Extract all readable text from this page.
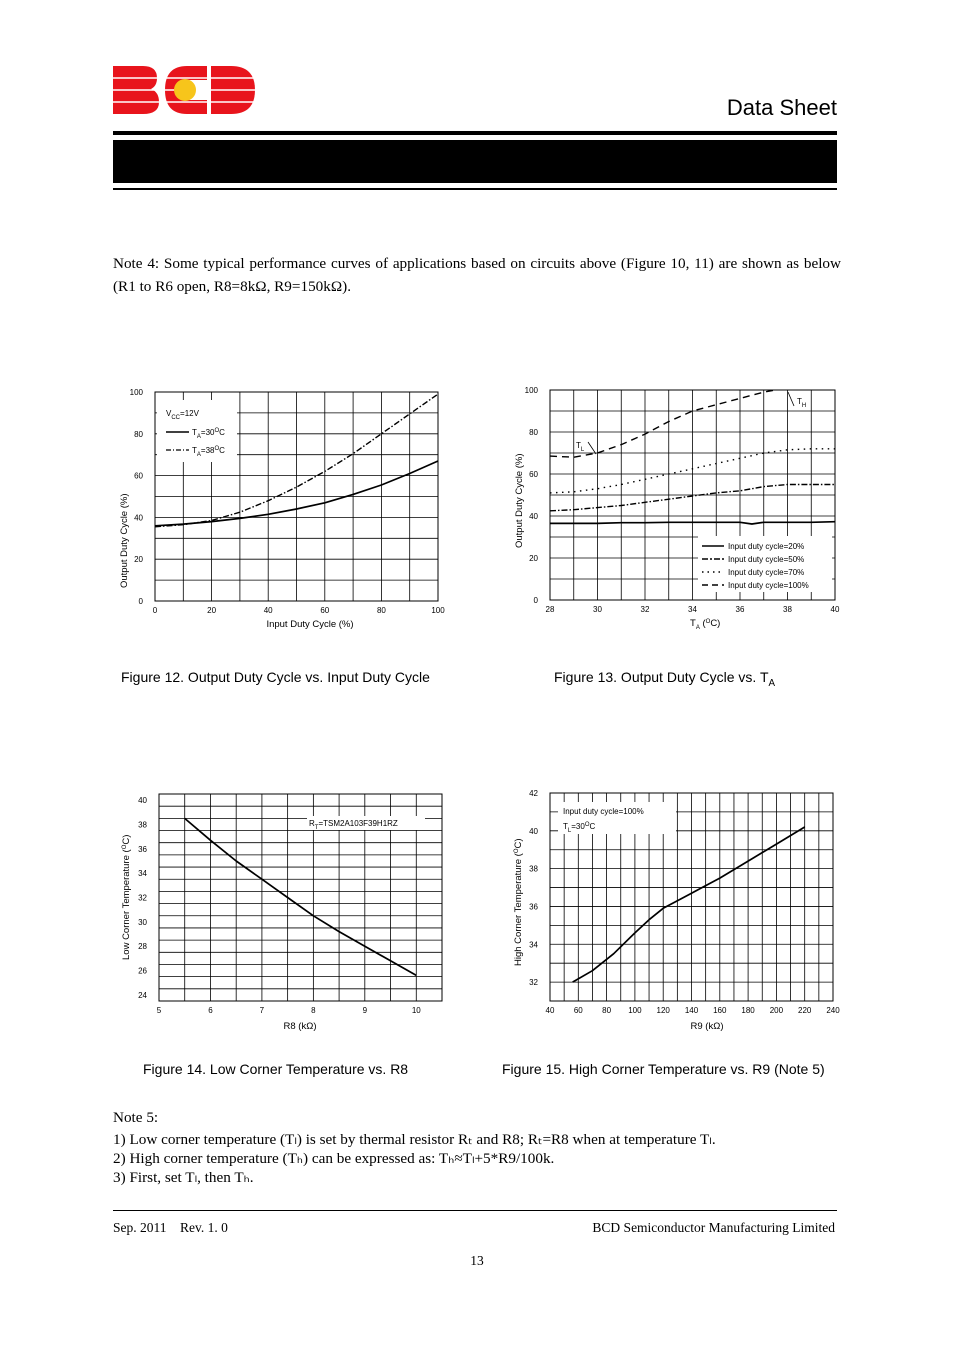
Data Sheet
Note 4: Some typical performance curves of applications based on circuits above (Figure 10, 11) are shown as below (R1 to R6 open, R8=8kΩ, R9=150kΩ).
0	20	40	60	80	100
0
20
40
60
80
100
Output Duty Cycle (%)
Input Duty Cycle (%)
$V_{CC}=12V$
$T_A=30^OC$
$T_A=38^OC$
Figure 12. Output Duty Cycle vs. Input Duty Cycle
28	30	32	34	36	38	40
0
20
40
60
80
100
Output Duty Cycle (%)
$T_A$ ($^O$C)
$T_L$
$T_H$
Input duty cycle=20%
Input duty cycle=50%
Input duty cycle=70%
Input duty cycle=100%
Figure 13. Output Duty Cycle vs. $T_A$
5	6	7	8	9	10
24
26
28
30
32
34
36
38
40
Low Corner Temperature ($^O$C)
R8 (kΩ)
$R_T=TSM2A103F39H1RZ$
Figure 14. Low Corner Temperature vs. R8
40 60 80 100 120 140 160 180 200 220 240
32
34
36
38
40
42
High Corner Temperature ($^O$C)
R9 (kΩ)
Input duty cycle=100%
$T_L=30^OC$
Figure 15. High Corner Temperature vs. R9 (Note 5)
Note 5:
1) Low corner temperature (Tₗ) is set by thermal resistor Rₜ and R8; Rₜ=R8 when at temperature Tₗ.
2) High corner temperature (Tₕ) can be expressed as: Tₕ≈Tₗ+5*R9/100k.
3) First, set Tₗ, then Tₕ.
Sep. 2011 Rev. 1. 0	BCD Semiconductor Manufacturing Limited
13
